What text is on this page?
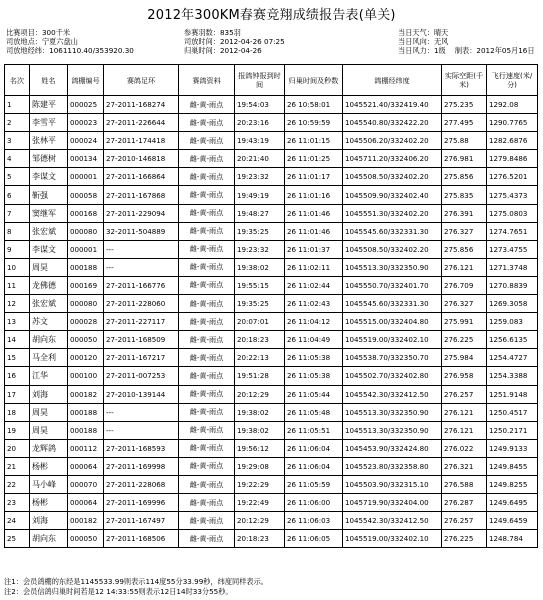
2012年300KM春赛竞翔成绩报告表(单关)
比赛项目：300千米
司放地点：宁夏六盘山
司放地经纬：1061110.40/353920.30
参赛羽数：835羽
司放时间：2012-04-26 07:25
归巢时间：2012-04-26
当日天气：晴天
当日风向：无风
当日风力：1级 制表：2012年05月16日
名次	姓名	鸽棚编号	赛鸽足环	赛鸽资料	报鸽钟报到时间	归巢时间及秒数	鸽棚经纬度	实际空距(千米)	飞行速度(米/分)
1	陈建平	000025	27-2011-168274	雌-黄-雨点	19:54:03	26 10:58:01	1045521.40/332419.40	275.235	1292.08
2	李雪平	000023	27-2011-226644	雌-黄-雨点	20:23:16	26 10:59:59	1045540.80/332422.20	277.495	1290.7765
3	张林平	000024	27-2011-174418	雌-黄-雨点	19:43:19	26 11:01:15	1045506.20/332402.20	275.88	1282.6876
4	邹德树	000134	27-2010-146818	雌-黄-雨点	20:21:40	26 11:01:25	1045711.20/332406.20	276.981	1279.8486
5	李谋文	000001	27-2011-166864	雌-黄-雨点	19:23:32	26 11:01:17	1045508.50/332402.20	275.856	1276.5201
6	靳强	000058	27-2011-167868	雌-黄-雨点	19:49:19	26 11:01:16	1045509.90/332402.40	275.835	1275.4373
7	窦继军	000168	27-2011-229094	雌-黄-雨点	19:48:27	26 11:01:46	1045551.30/332402.20	276.391	1275.0803
8	张宏斌	000080	32-2011-504889	雌-黄-雨点	19:35:25	26 11:01:46	1045545.60/332331.30	276.327	1274.7651
9	李谋文	000001	---	雌-黄-雨点	19:23:32	26 11:01:37	1045508.50/332402.20	275.856	1273.4755
10	周昊	000188	---	雌-黄-雨点	19:38:02	26 11:02:11	1045513.30/332350.90	276.121	1271.3748
11	龙佛德	000169	27-2011-166776	雌-黄-雨点	19:55:15	26 11:02:44	1045550.70/332401.70	276.709	1270.8839
12	张宏斌	000080	27-2011-228060	雌-黄-雨点	19:35:25	26 11:02:43	1045545.60/332331.30	276.327	1269.3058
13	苏文	000028	27-2011-227117	雌-黄-雨点	20:07:01	26 11:04:12	1045515.00/332404.80	275.991	1259.083
14	胡向东	000050	27-2011-168509	雌-黄-雨点	20:18:23	26 11:04:49	1045519.00/332402.10	276.225	1256.6135
15	马全利	000120	27-2011-167217	雌-黄-雨点	20:22:13	26 11:05:38	1045538.70/332350.70	275.984	1254.4727
16	江华	000100	27-2011-007253	雌-黄-雨点	19:51:28	26 11:05:38	1045502.70/332402.80	276.958	1254.3388
17	刘海	000182	27-2010-139144	雌-黄-雨点	20:12:29	26 11:05:44	1045542.30/332412.50	276.257	1251.9148
18	周昊	000188	---	雌-黄-雨点	19:38:02	26 11:05:48	1045513.30/332350.90	276.121	1250.4517
19	周昊	000188	---	雌-黄-雨点	19:38:02	26 11:05:51	1045513.30/332350.90	276.121	1250.2171
20	龙辉鸽	000112	27-2011-168593	雌-黄-雨点	19:56:12	26 11:06:04	1045453.90/332424.80	276.022	1249.9133
21	杨彬	000064	27-2011-169998	雌-黄-雨点	19:29:08	26 11:06:04	1045523.80/332358.80	276.321	1249.8455
22	马小峰	000070	27-2011-228068	雌-黄-雨点	19:22:29	26 11:05:59	1045503.90/332315.10	276.588	1249.8255
23	杨彬	000064	27-2011-169996	雌-黄-雨点	19:22:49	26 11:06:00	1045719.90/332404.00	276.287	1249.6495
24	刘海	000182	27-2011-167497	雌-黄-雨点	20:12:29	26 11:06:03	1045542.30/332412.50	276.257	1249.6459
25	胡向东	000050	27-2011-168506	雌-黄-雨点	20:18:23	26 11:06:05	1045519.00/332402.10	276.225	1248.784
注1：会员鸽棚的东经是1145533.99则表示114度55分33.99秒，纬度同样表示。
注2：会员信鸽归巢时间若是12 14:33:55则表示12日14时33分55秒。
